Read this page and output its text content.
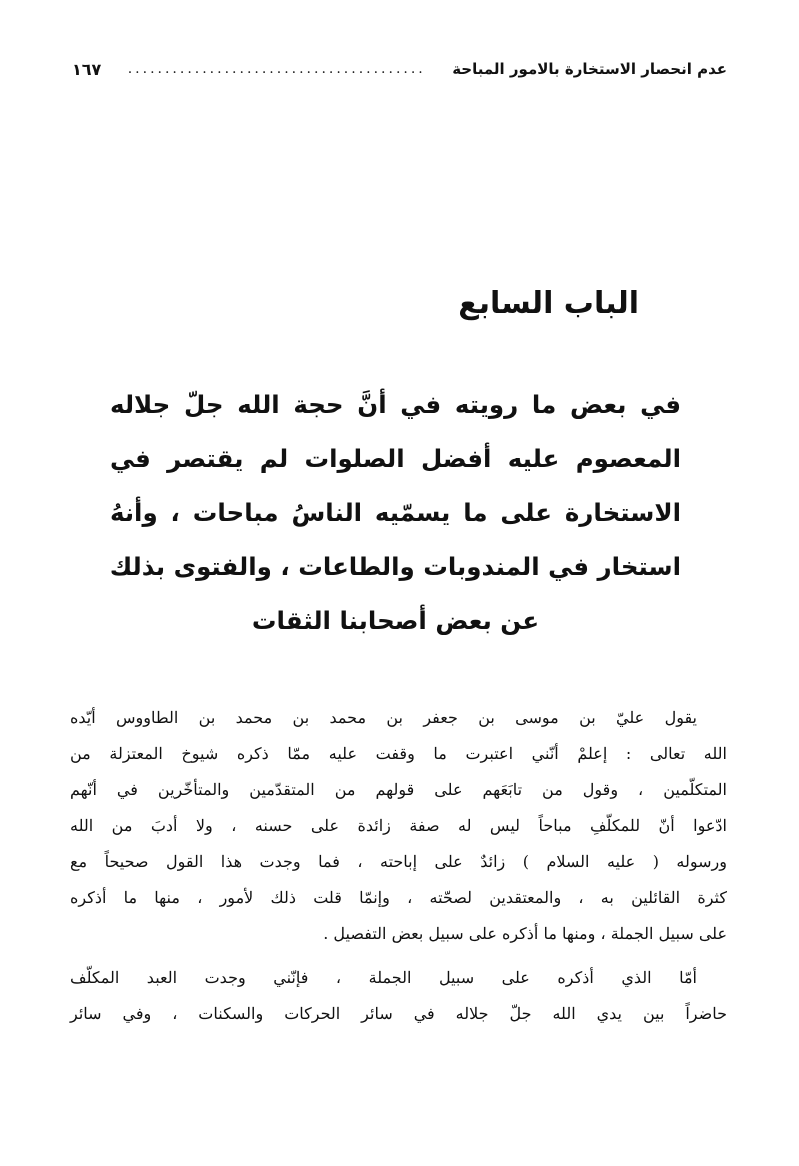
عدم انحصار الاستخارة بالامور المباحة
........................................
١٦٧
الباب السابع
في بعض ما رويته في أنَّ حجة الله جلّ جلاله
المعصوم عليه أفضل الصلوات لم يقتصر في
الاستخارة على ما يسمّيه الناسُ مباحات ، وأنهُ
استخار في المندوبات والطاعات ، والفتوى بذلك
عن بعض أصحابنا الثقات
يقول عليّ بن موسى بن جعفر بن محمد بن محمد بن الطاووس أيّده
الله تعالى : إعلمْ أنّني اعتبرت ما وقفت عليه ممّا ذكره شيوخ المعتزلة من
المتكلّمين ، وقول من تابَعَهم على قولهم من المتقدّمين والمتأخّرين في أنّهم
ادّعوا أنّ للمكلّفِ مباحاً ليس له صفة زائدة على حسنه ، ولا أدبَ من الله
ورسوله ( عليه السلام ) زائدٌ على إباحته ، فما وجدت هذا القول صحيحاً مع
كثرة القائلين به ، والمعتقدين لصحّته ، وإنمّا قلت ذلك لأمور ، منها ما أذكره
على سبيل الجملة ، ومنها ما أذكره على سبيل بعض التفصيل .
أمّا الذي أذكره على سبيل الجملة ، فإنّني وجدت العبد المكلّف
حاضراً بين يدي الله جلّ جلاله في سائر الحركات والسكنات ، وفي سائر
